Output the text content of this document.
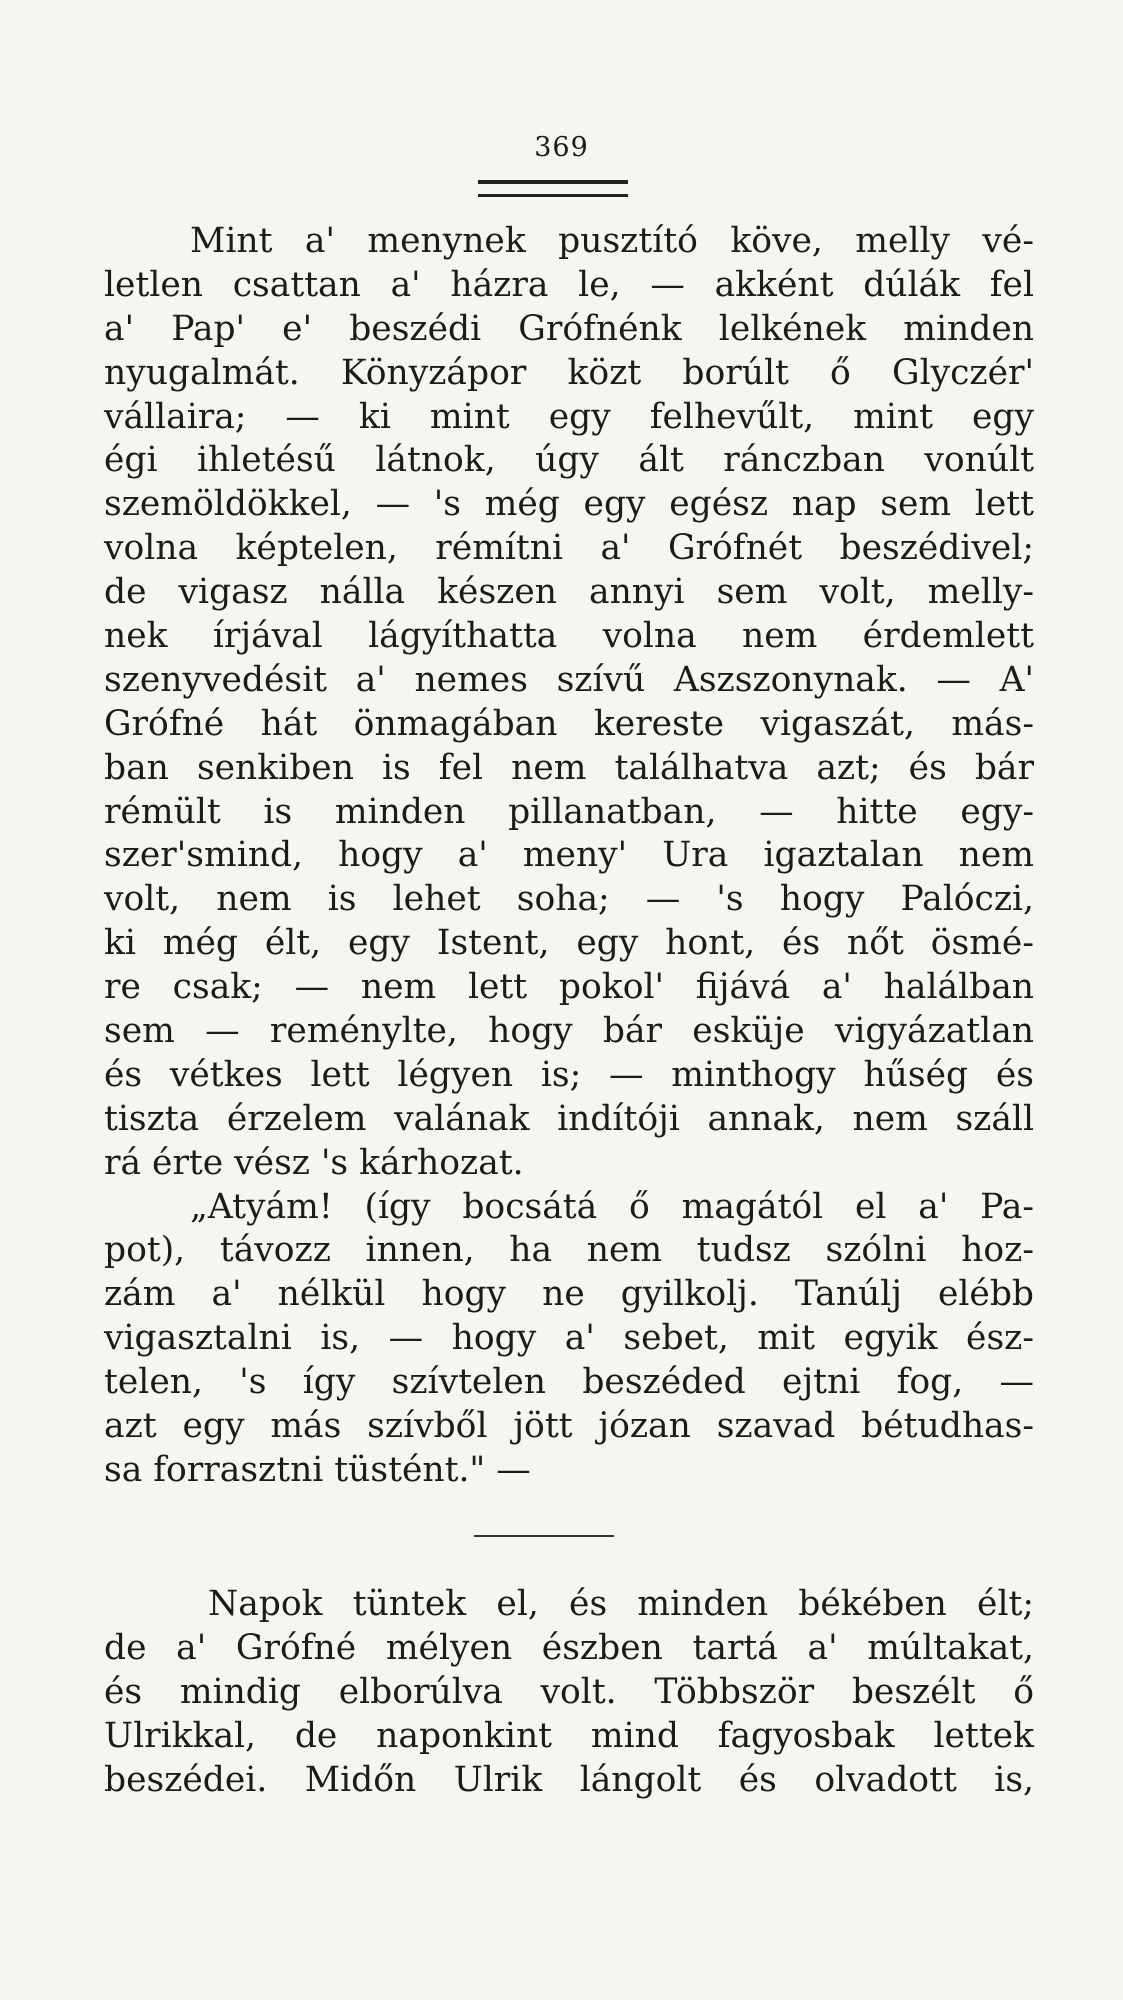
369
Mint a' menynek pusztító köve, melly vé-
letlen csattan a' házra le, — akként dúlák fel
a' Pap' e' beszédi Grófnénk lelkének minden
nyugalmát. Könyzápor közt borúlt ő Glyczér'
vállaira; — ki mint egy felhevűlt, mint egy
égi ihletésű látnok, úgy ált ránczban vonúlt
szemöldökkel, — 's még egy egész nap sem lett
volna képtelen, rémítni a' Grófnét beszédivel;
de vigasz nálla készen annyi sem volt, melly-
nek írjával lágyíthatta volna nem érdemlett
szenyvedésit a' nemes szívű Aszszonynak. — A'
Grófné hát önmagában kereste vigaszát, más-
ban senkiben is fel nem találhatva azt; és bár
rémült is minden pillanatban, — hitte egy-
szer'smind, hogy a' meny' Ura igaztalan nem
volt, nem is lehet soha; — 's hogy Palóczi,
ki még élt, egy Istent, egy hont, és nőt ösmé-
re csak; — nem lett pokol' fijává a' halálban
sem — reménylte, hogy bár esküje vigyázatlan
és vétkes lett légyen is; — minthogy hűség és
tiszta érzelem valának indítóji annak, nem száll
rá érte vész 's kárhozat.
„Atyám! (így bocsátá ő magától el a' Pa-
pot), távozz innen, ha nem tudsz szólni hoz-
zám a' nélkül hogy ne gyilkolj. Tanúlj elébb
vigasztalni is, — hogy a' sebet, mit egyik ész-
telen, 's így szívtelen beszéded ejtni fog, —
azt egy más szívből jött józan szavad bétudhas-
sa forrasztni tüstént." —
Napok tüntek el, és minden békében élt;
de a' Grófné mélyen észben tartá a' múltakat,
és mindig elborúlva volt. Többször beszélt ő
Ulrikkal, de naponkint mind fagyosbak lettek
beszédei. Midőn Ulrik lángolt és olvadott is,
